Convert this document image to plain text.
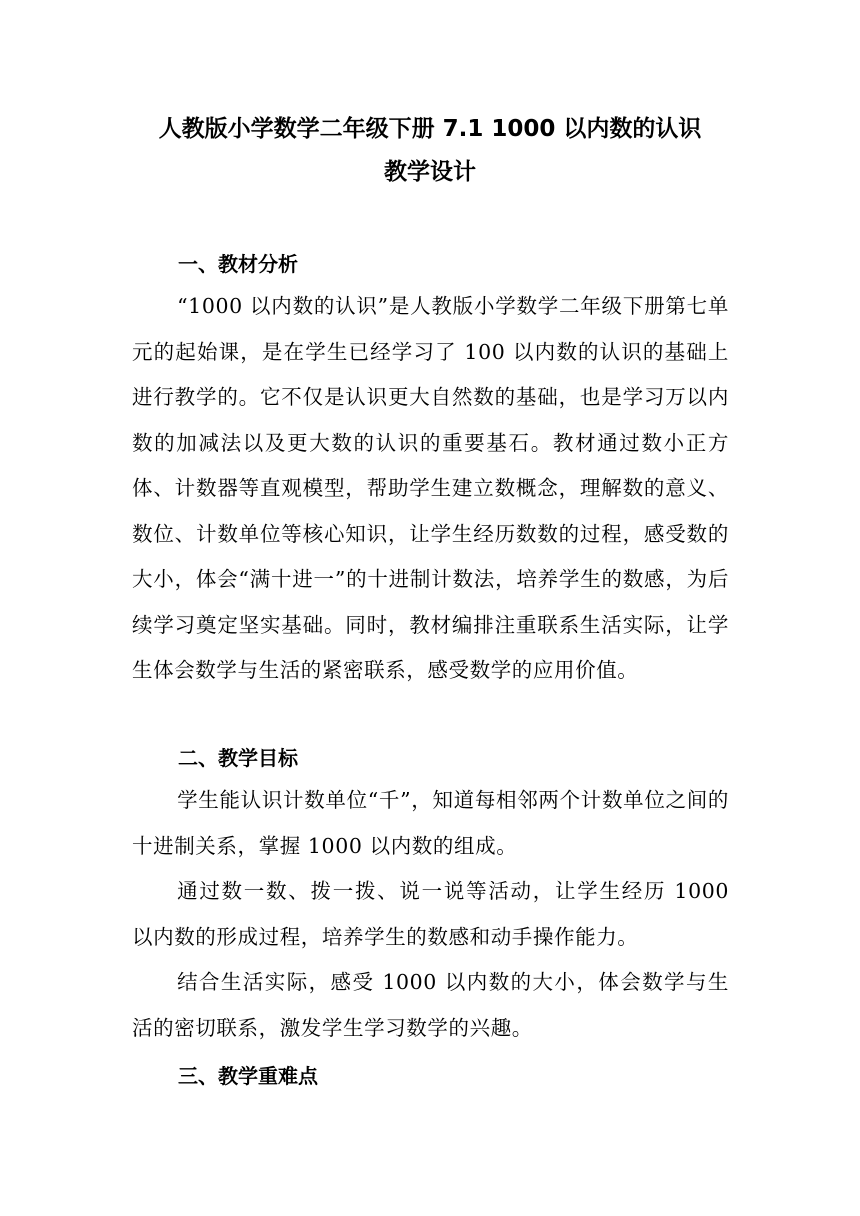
人教版小学数学二年级下册 7.1 1000 以内数的认识
教学设计
一、教材分析

“1000 以内数的认识”是人教版小学数学二年级下册第七单元的起始课，是在学生已经学习了 100 以内数的认识的基础上进行教学的。它不仅是认识更大自然数的基础，也是学习万以内数的加减法以及更大数的认识的重要基石。教材通过数小正方体、计数器等直观模型，帮助学生建立数概念，理解数的意义、数位、计数单位等核心知识，让学生经历数数的过程，感受数的大小，体会“满十进一”的十进制计数法，培养学生的数感，为后续学习奠定坚实基础。同时，教材编排注重联系生活实际，让学生体会数学与生活的紧密联系，感受数学的应用价值。

二、教学目标

学生能认识计数单位“千”，知道每相邻两个计数单位之间的十进制关系，掌握 1000 以内数的组成。

通过数一数、拨一拨、说一说等活动，让学生经历 1000 以内数的形成过程，培养学生的数感和动手操作能力。

结合生活实际，感受 1000 以内数的大小，体会数学与生活的密切联系，激发学生学习数学的兴趣。

三、教学重难点
